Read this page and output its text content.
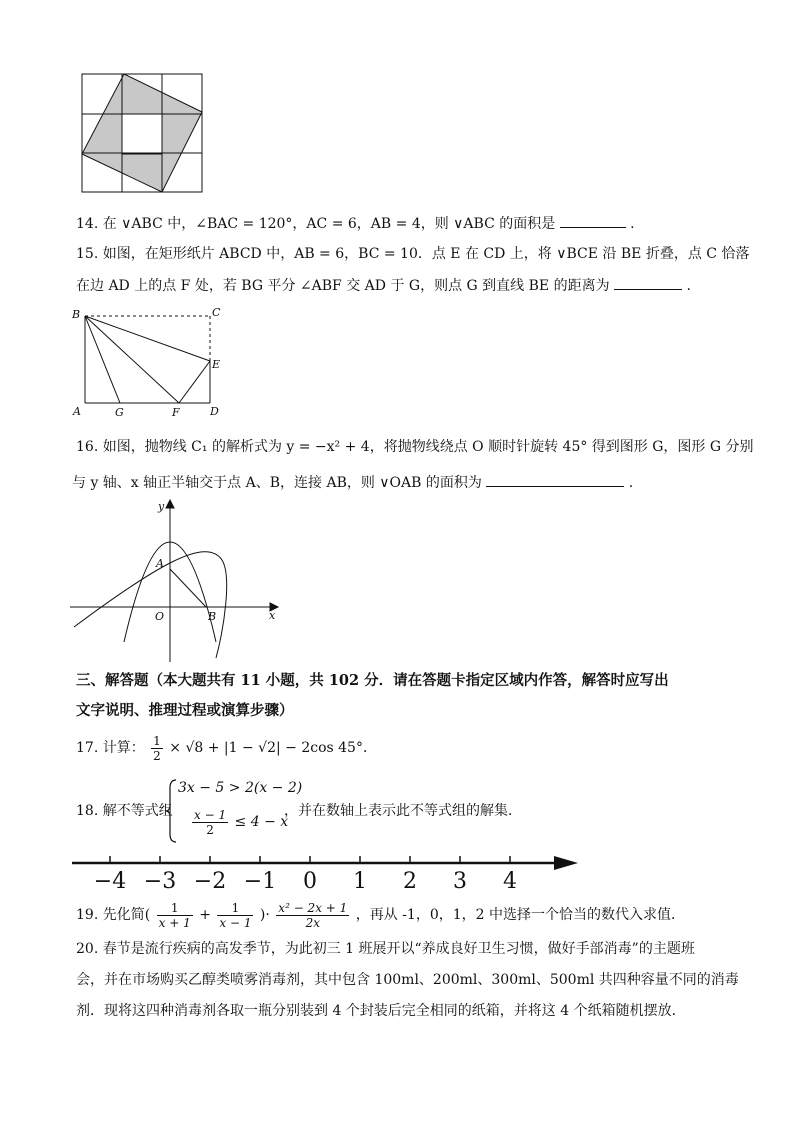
14. 在 ∨ABC 中，∠BAC = 120°，AC = 6，AB = 4，则 ∨ABC 的面积是	.
15. 如图，在矩形纸片 ABCD 中，AB = 6，BC = 10．点 E 在 CD 上，将 ∨BCE 沿 BE 折叠，点 C 恰落
在边 AD 上的点 F 处，若 BG 平分 ∠ABF 交 AD 于 G，则点 G 到直线 BE 的距离为	.
B	C
E
A	G	F	D
16. 如图，抛物线 C₁ 的解析式为 y = −x² + 4，将抛物线绕点 O 顺时针旋转 45° 得到图形 G，图形 G 分别
与 y 轴、x 轴正半轴交于点 A、B，连接 AB，则 ∨OAB 的面积为	.
y
x
A
O	B
三、解答题（本大题共有 11 小题，共 102 分．请在答题卡指定区域内作答，解答时应写出
文字说明、推理过程或演算步骤）
17. 计算： $\frac{1}{2} \times √8 + |1 - √2| - 2\cos$ 45°．
18. 解不等式组
3x − 5 > 2(x − 2)
$\frac{x - 1}{2} \le 4 - x$
，并在数轴上表示此不等式组的解集．
−4 −3 −2 −1 0 1 2 3 4
19. 先化简( $\frac{1}{x + 1} + \frac{1}{x - 1}$ )· $\frac{\text{x² − 2x + 1}}{2x}$ ，再从 -1，0，1，2 中选择一个恰当的数代入求值．
20. 春节是流行疾病的高发季节，为此初三 1 班展开以“养成良好卫生习惯，做好手部消毒”的主题班
会，并在市场购买乙醇类喷雾消毒剂，其中包含 100ml、200ml、300ml、500ml 共四种容量不同的消毒
剂．现将这四种消毒剂各取一瓶分别装到 4 个封装后完全相同的纸箱，并将这 4 个纸箱随机摆放．
